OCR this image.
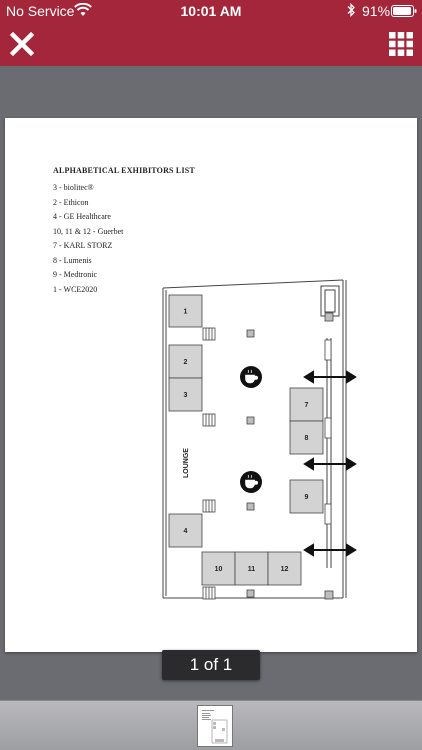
No Service	10:01 AM	91%
ALPHABETICAL EXHIBITORS LIST
3 - biolitec®
2 - Ethicon
4 - GE Healthcare
10, 11 & 12 - Guerbet
7 - KARL STORZ
8 - Lumenis
9 - Medtronic
1 - WCE2020
1
2
3
4
7
8
9
10	11	12
LOUNGE
1 of 1
